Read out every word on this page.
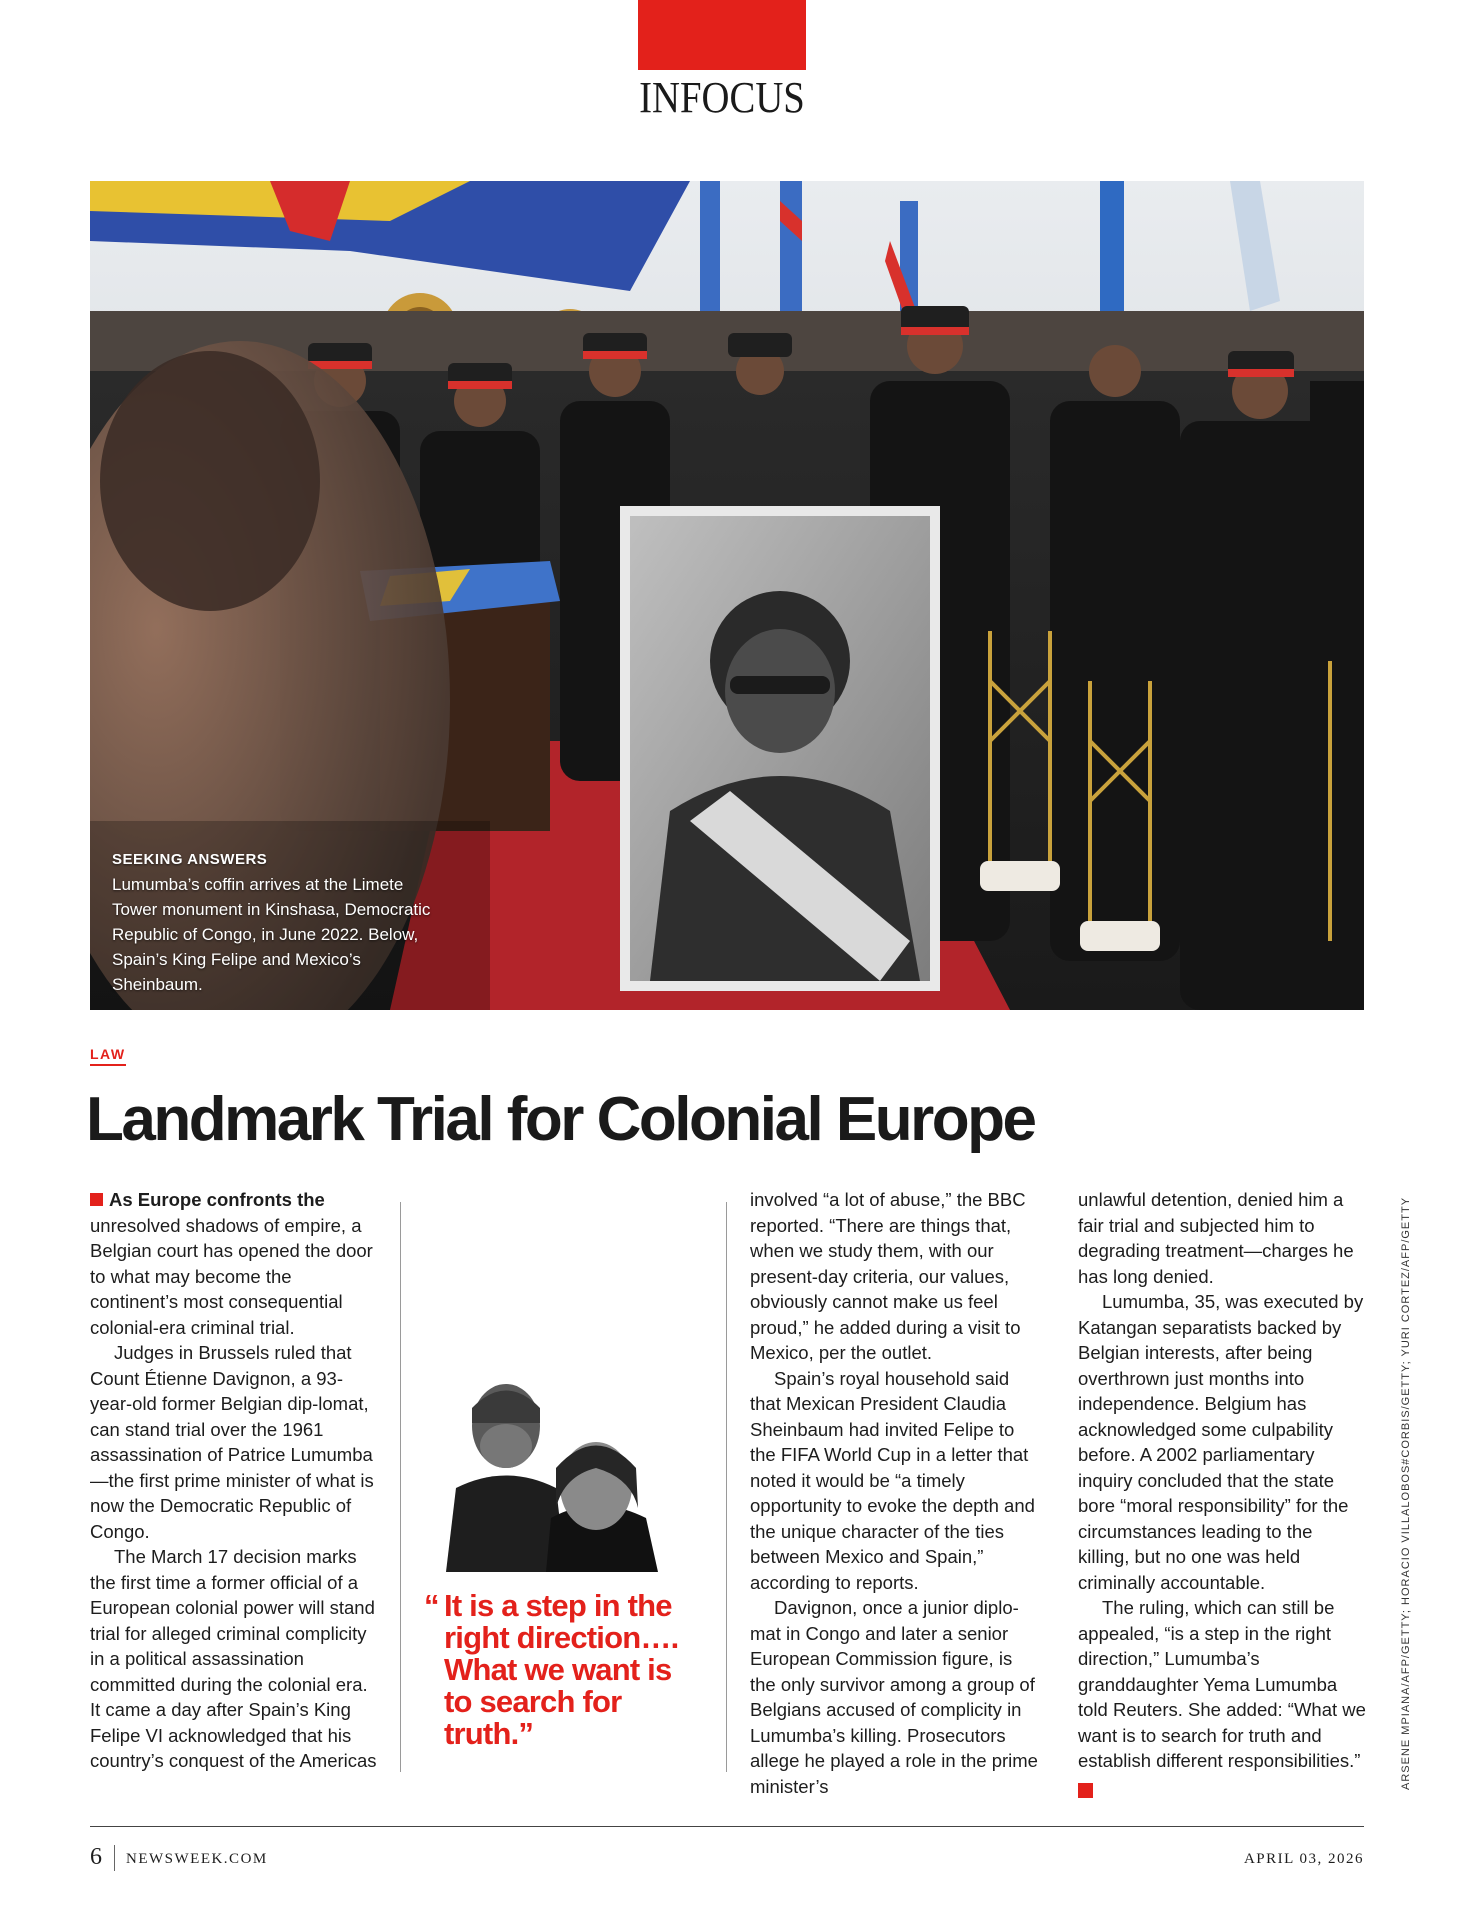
INFOCUS
SEEKING ANSWERS
Lumumba’s coffin arrives at the Limete Tower monument in Kinshasa, Democratic Republic of Congo, in June 2022. Below, Spain’s King Felipe and Mexico’s Sheinbaum.
LAW
Landmark Trial for Colonial Europe

As Europe confronts the unresolved shadows of empire, a Belgian court has opened the door to what may become the continent’s most consequential colonial-era criminal trial.

Judges in Brussels ruled that Count Étienne Davignon, a 93-year-old former Belgian dip-lomat, can stand trial over the 1961 assassination of Patrice Lumumba—the first prime minister of what is now the Democratic Republic of Congo.

The March 17 decision marks the first time a former official of a European colonial power will stand trial for alleged criminal complicity in a political assassination committed during the colonial era. It came a day after Spain’s King Felipe VI acknowledged that his country’s conquest of the Americas

“ It is a step in the right direction…. What we want is to search for truth.”

involved “a lot of abuse,” the BBC reported. “There are things that, when we study them, with our present-day criteria, our values, obviously cannot make us feel proud,” he added during a visit to Mexico, per the outlet.

Spain’s royal household said that Mexican President Claudia Sheinbaum had invited Felipe to the FIFA World Cup in a letter that noted it would be “a timely opportunity to evoke the depth and the unique character of the ties between Mexico and Spain,” according to reports.

Davignon, once a junior diplo-mat in Congo and later a senior European Commission figure, is the only survivor among a group of Belgians accused of complicity in Lumumba’s killing. Prosecutors allege he played a role in the prime minister’s

unlawful detention, denied him a fair trial and subjected him to degrading treatment—charges he has long denied.

Lumumba, 35, was executed by Katangan separatists backed by Belgian interests, after being overthrown just months into independence. Belgium has acknowledged some culpability before. A 2002 parliamentary inquiry concluded that the state bore “moral responsibility” for the circumstances leading to the killing, but no one was held criminally accountable.

The ruling, which can still be appealed, “is a step in the right direction,” Lumumba’s granddaughter Yema Lumumba told Reuters. She added: “What we want is to search for truth and establish different responsibilities.” N	ARSENE MPIANA/AFP/GETTY; HORACIO VILLALOBOS#CORBIS/GETTY; YURI CORTEZ/AFP/GETTY
6 NEWSWEEK.COM	APRIL 03, 2026
